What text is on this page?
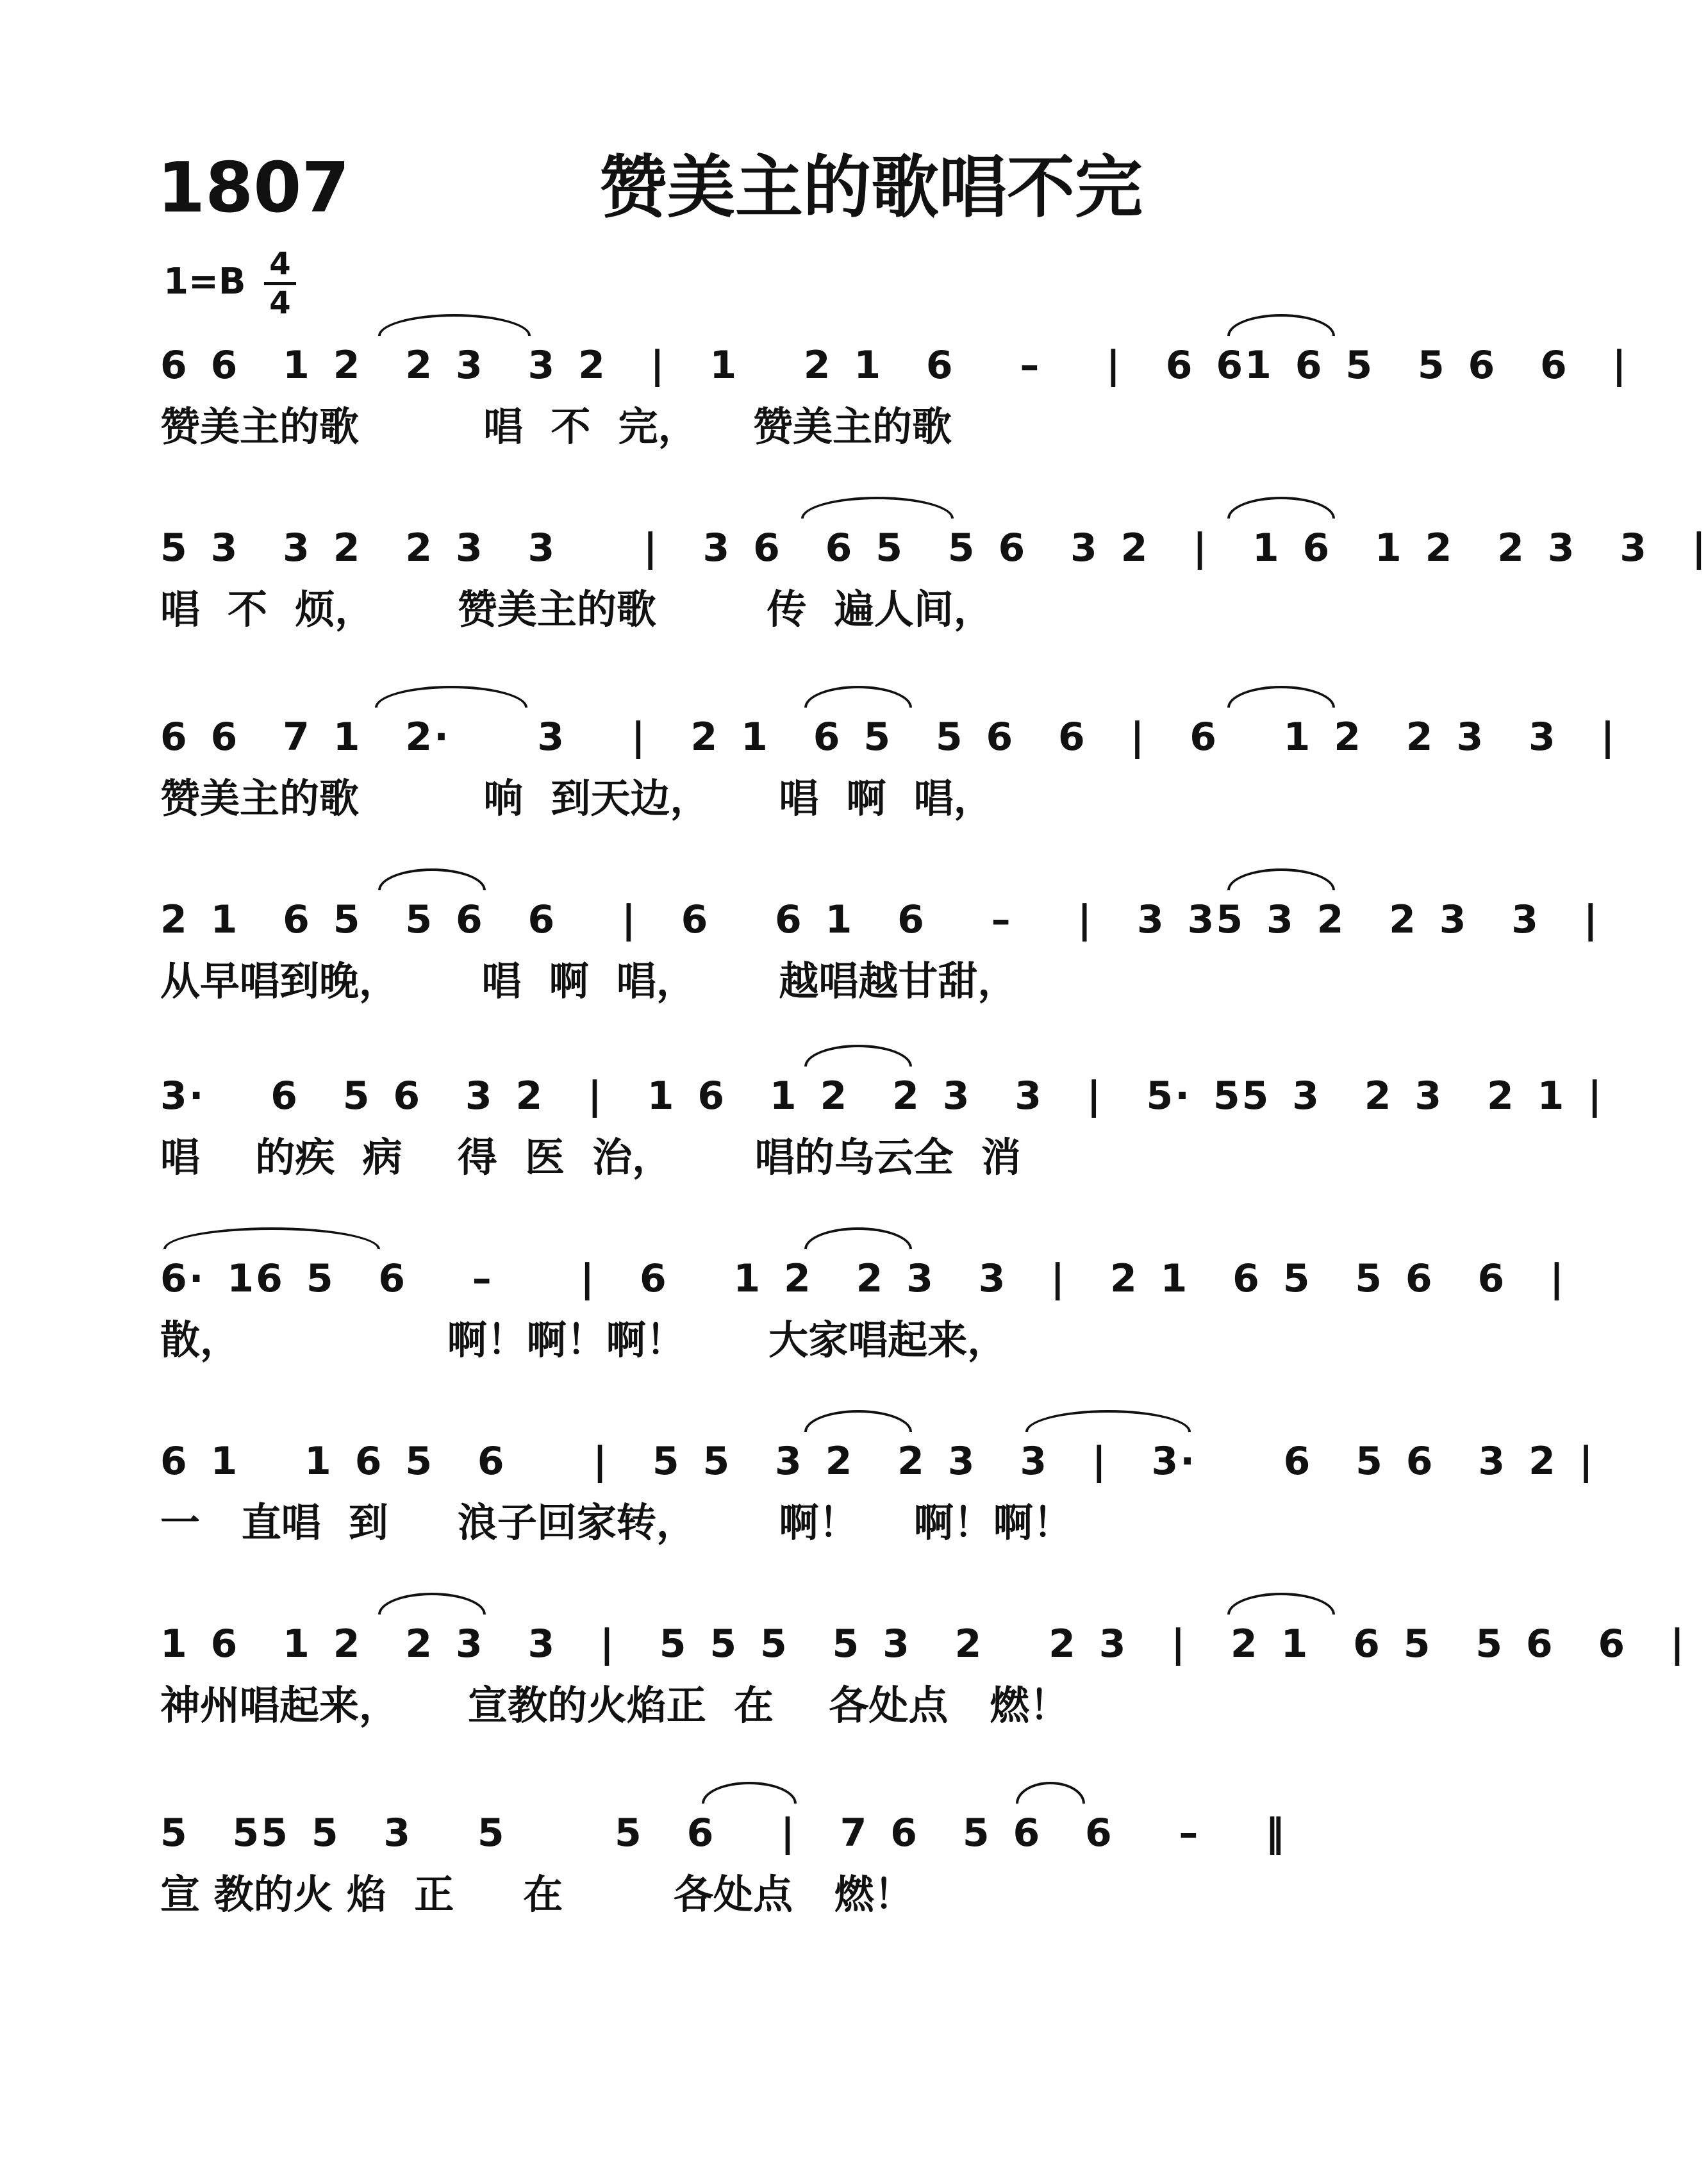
1807	赞美主的歌唱不完
1=B 4
4
6 6  1 2  2 3  3 2  |  1   2 1  6   –   |  6 61 6 5  5 6  6  |
赞美主的歌         唱  不  完，    赞美主的歌
5 3  3 2  2 3  3    |  3 6  6 5  5 6  3 2  |  1 6  1 2  2 3  3  |
唱  不  烦，      赞美主的歌        传  遍人间，
6 6  7 1  2·    3   |  2 1  6 5  5 6  6  |  6   1 2  2 3  3  |
赞美主的歌         响  到天边，     唱  啊  唱，
2 1  6 5  5 6  6   |  6   6 1  6   –   |  3 35 3 2  2 3  3  |
从早唱到晚，      唱  啊  唱，      越唱越甘甜，
3·   6  5 6  3 2  |  1 6  1 2  2 3  3  |  5· 55 3  2 3  2 1 |
唱    的疾  病    得  医  治，      唱的乌云全  消
6· 16 5  6   –    |  6   1 2  2 3  3  |  2 1  6 5  5 6  6  |
散，               啊！啊！啊！      大家唱起来，
6 1   1 6 5  6    |  5 5  3 2  2 3  3  |  3·    6  5 6  3 2 |
一   直唱  到     浪子回家转，      啊！    啊！啊！
1 6  1 2  2 3  3  |  5 5 5  5 3  2   2 3  |  2 1  6 5  5 6  6  |
神州唱起来，     宣教的火焰正  在    各处点   燃！
5  55 5  3   5     5  6   |  7 6  5 6  6   –   ‖
宣 教的火 焰  正     在        各处点   燃！
